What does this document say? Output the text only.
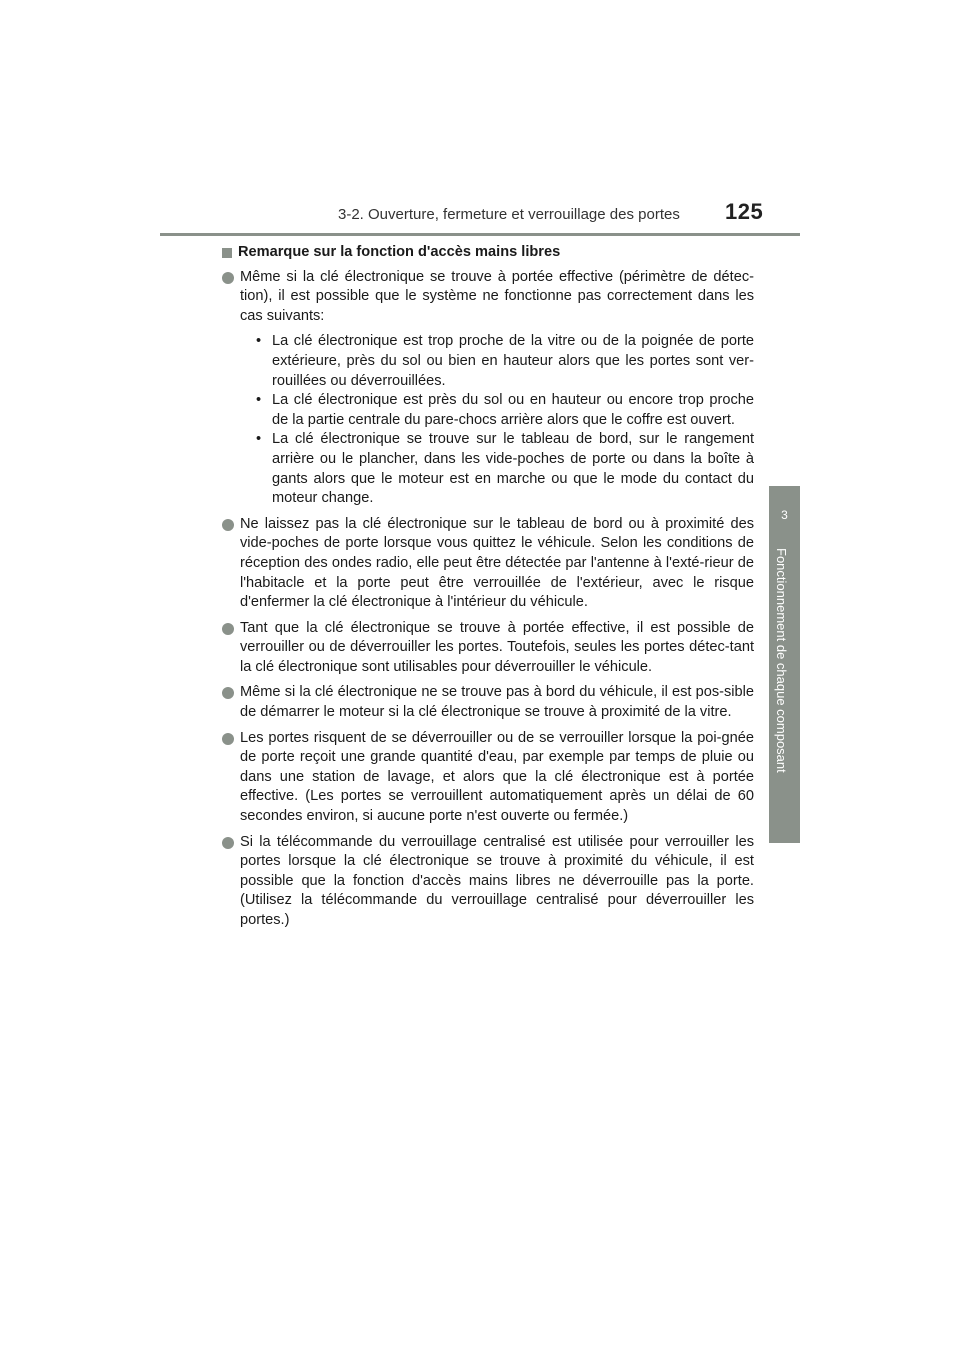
3-2. Ouverture, fermeture et verrouillage des portes 125
3
Fonctionnement de chaque composant
Remarque sur la fonction d'accès mains libres
Même si la clé électronique se trouve à portée effective (périmètre de détec-tion), il est possible que le système ne fonctionne pas correctement dans les cas suivants:
• La clé électronique est trop proche de la vitre ou de la poignée de porte extérieure, près du sol ou bien en hauteur alors que les portes sont ver-rouillées ou déverrouillées.
• La clé électronique est près du sol ou en hauteur ou encore trop proche de la partie centrale du pare-chocs arrière alors que le coffre est ouvert.
• La clé électronique se trouve sur le tableau de bord, sur le rangement arrière ou le plancher, dans les vide-poches de porte ou dans la boîte à gants alors que le moteur est en marche ou que le mode du contact du moteur change.
Ne laissez pas la clé électronique sur le tableau de bord ou à proximité des vide-poches de porte lorsque vous quittez le véhicule. Selon les conditions de réception des ondes radio, elle peut être détectée par l'antenne à l'exté-rieur de l'habitacle et la porte peut être verrouillée de l'extérieur, avec le risque d'enfermer la clé électronique à l'intérieur du véhicule.
Tant que la clé électronique se trouve à portée effective, il est possible de verrouiller ou de déverrouiller les portes. Toutefois, seules les portes détec-tant la clé électronique sont utilisables pour déverrouiller le véhicule.
Même si la clé électronique ne se trouve pas à bord du véhicule, il est pos-sible de démarrer le moteur si la clé électronique se trouve à proximité de la vitre.
Les portes risquent de se déverrouiller ou de se verrouiller lorsque la poi-gnée de porte reçoit une grande quantité d'eau, par exemple par temps de pluie ou dans une station de lavage, et alors que la clé électronique est à portée effective. (Les portes se verrouillent automatiquement après un délai de 60 secondes environ, si aucune porte n'est ouverte ou fermée.)
Si la télécommande du verrouillage centralisé est utilisée pour verrouiller les portes lorsque la clé électronique se trouve à proximité du véhicule, il est possible que la fonction d'accès mains libres ne déverrouille pas la porte. (Utilisez la télécommande du verrouillage centralisé pour déverrouiller les portes.)
